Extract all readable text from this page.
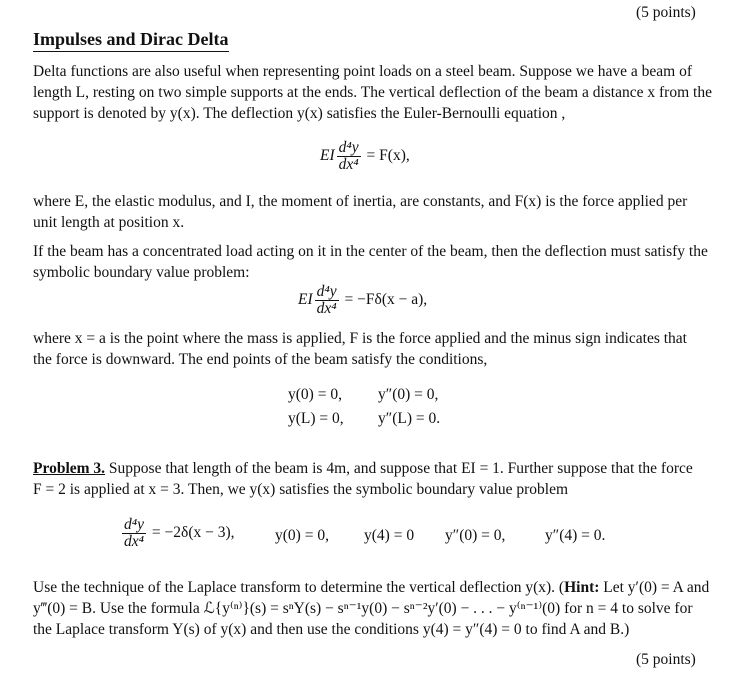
(5 points)
Impulses and Dirac Delta
Delta functions are also useful when representing point loads on a steel beam. Suppose we have a beam of
length L, resting on two simple supports at the ends. The vertical deflection of the beam a distance x from the
support is denoted by y(x). The deflection y(x) satisfies the Euler-Bernoulli equation ,
EI $\frac{\text{d⁴y}}{\text{dx⁴}} = F(x)$,
where E, the elastic modulus, and I, the moment of inertia, are constants, and F(x) is the force applied per
unit length at position x.
If the beam has a concentrated load acting on it in the center of the beam, then the deflection must satisfy the
symbolic boundary value problem:
EI $\frac{\text{d⁴y}}{\text{dx⁴}} = -F\delta(x - a)$,
where x = a is the point where the mass is applied, F is the force applied and the minus sign indicates that
the force is downward. The end points of the beam satisfy the conditions,
y(0) = 0, y″(0) = 0,
y(L) = 0, y″(L) = 0.
Problem 3. Suppose that length of the beam is 4m, and suppose that EI = 1. Further suppose that the force
F = 2 is applied at x = 3. Then, we y(x) satisfies the symbolic boundary value problem
$\frac{\text{d⁴y}}{\text{dx⁴}} = -2\delta(x - 3)$,	y(0) = 0, y(4) = 0 y″(0) = 0,	y″(4) = 0.
Use the technique of the Laplace transform to determine the vertical deflection y(x). (Hint: Let y′(0) = A and
y‴(0) = B. Use the formula ℒ{y⁽ⁿ⁾}(s) = sⁿY(s) − sⁿ⁻¹y(0) − sⁿ⁻²y′(0) − . . . − y⁽ⁿ⁻¹⁾(0) for n = 4 to solve for
the Laplace transform Y(s) of y(x) and then use the conditions y(4) = y″(4) = 0 to find A and B.)
(5 points)
